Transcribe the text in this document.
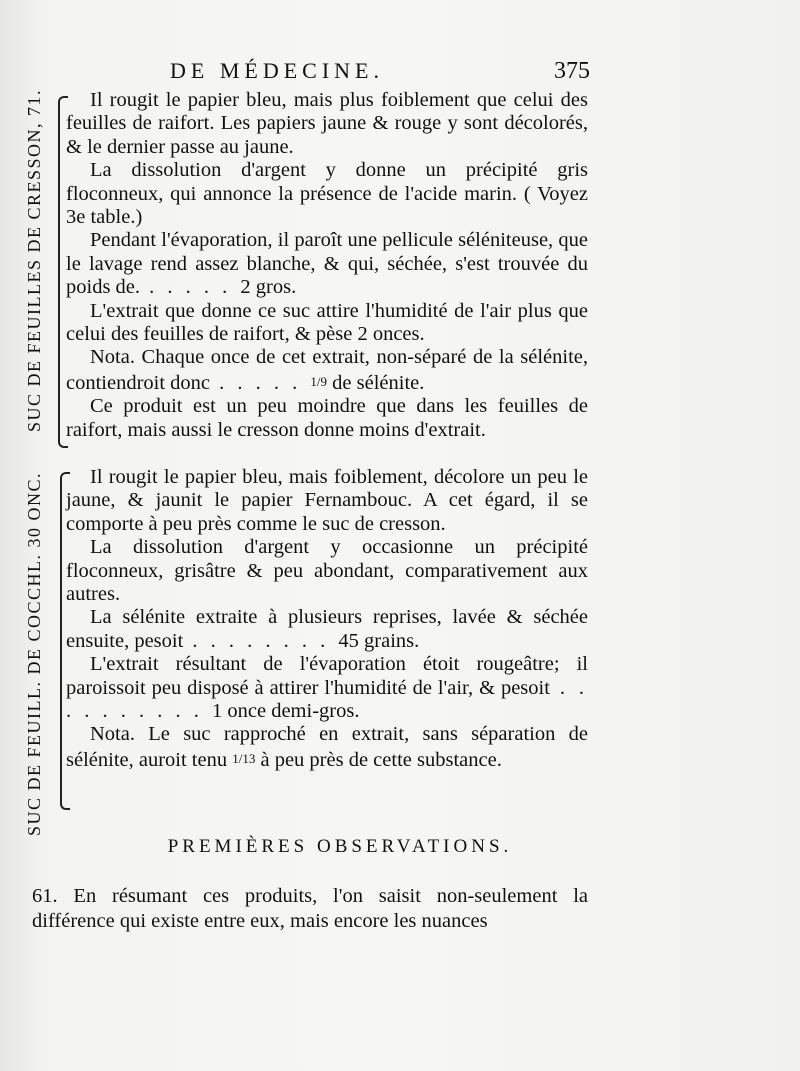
DE MÉDECINE.	375
SUC DE FEUILLES DE CRESSON, 71.	Il rougit le papier bleu, mais plus foiblement que celui des feuilles de raifort. Les papiers jaune & rouge y sont décolorés, & le dernier passe au jaune.

La dissolution d'argent y donne un précipité gris floconneux, qui annonce la présence de l'acide marin. ( Voyez 3e table.)

Pendant l'évaporation, il paroît une pellicule séléniteuse, que le lavage rend assez blanche, & qui, séchée, s'est trouvée du poids de. . . . . . 2 gros.

L'extrait que donne ce suc attire l'humidité de l'air plus que celui des feuilles de raifort, & pèse 2 onces.

Nota. Chaque once de cet extrait, non-séparé de la sélénite, contiendroit donc . . . . . 1/9 de sélénite.

Ce produit est un peu moindre que dans les feuilles de raifort, mais aussi le cresson donne moins d'extrait.

SUC DE FEUILL. DE COCCHL. 30 ONC.	Il rougit le papier bleu, mais foiblement, décolore un peu le jaune, & jaunit le papier Fernambouc. A cet égard, il se comporte à peu près comme le suc de cresson.

La dissolution d'argent y occasionne un précipité floconneux, grisâtre & peu abondant, comparativement aux autres.

La sélénite extraite à plusieurs reprises, lavée & séchée ensuite, pesoit . . . . . . . . 45 grains.

L'extrait résultant de l'évaporation étoit rougeâtre; il paroissoit peu disposé à attirer l'humidité de l'air, & pesoit . . . . . . . . . . 1 once demi-gros.

Nota. Le suc rapproché en extrait, sans séparation de sélénite, auroit tenu 1/13 à peu près de cette substance.

PREMIÈRES OBSERVATIONS.

61. En résumant ces produits, l'on saisit non-seulement la différence qui existe entre eux, mais encore les nuances
